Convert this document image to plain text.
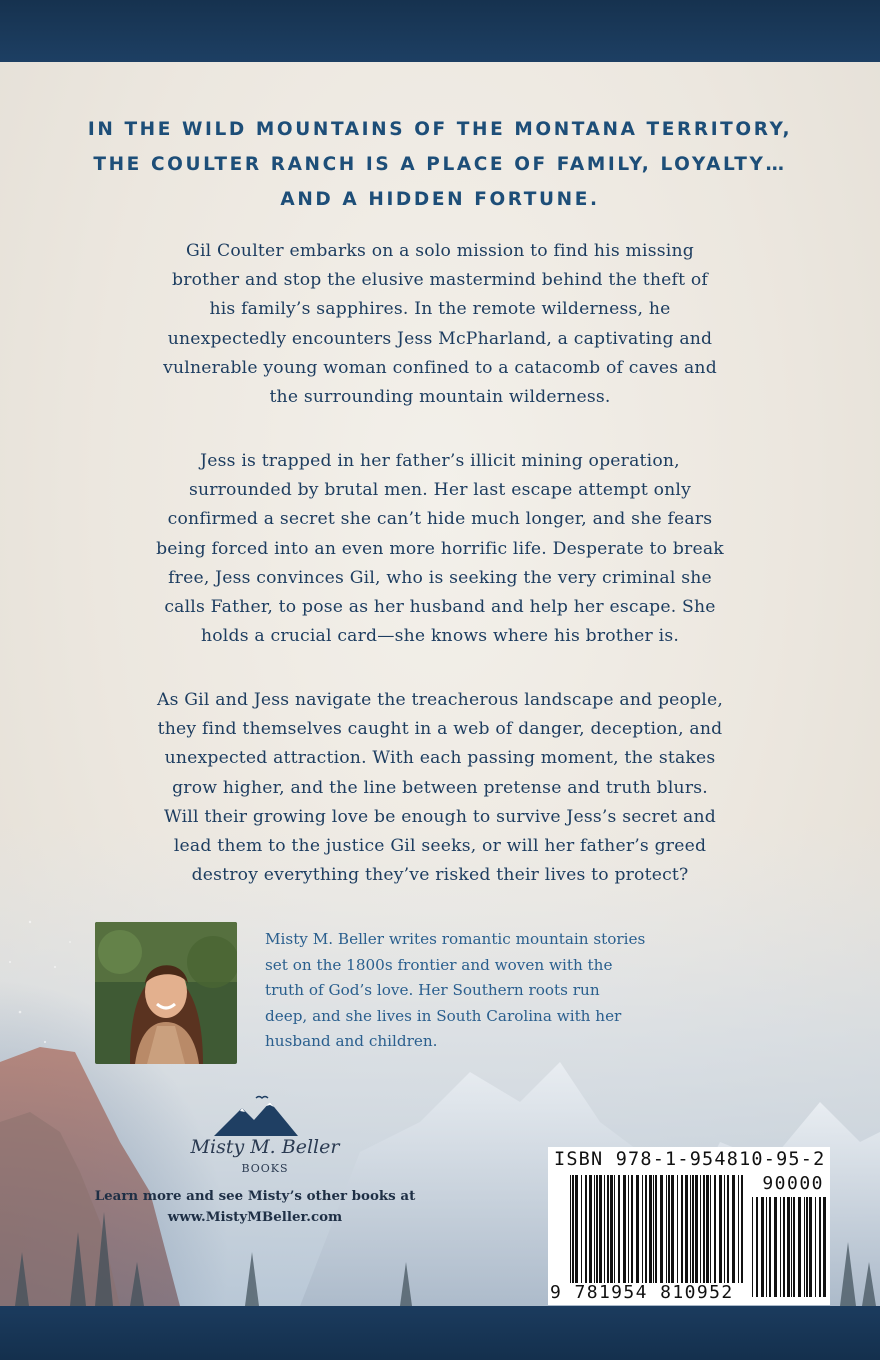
IN THE WILD MOUNTAINS OF THE MONTANA TERRITORY,
THE COULTER RANCH IS A PLACE OF FAMILY, LOYALTY…
AND A HIDDEN FORTUNE.
Gil Coulter embarks on a solo mission to find his missing
brother and stop the elusive mastermind behind the theft of
his family’s sapphires. In the remote wilderness, he
unexpectedly encounters Jess McPharland, a captivating and
vulnerable young woman confined to a catacomb of caves and
the surrounding mountain wilderness.
Jess is trapped in her father’s illicit mining operation,
surrounded by brutal men. Her last escape attempt only
confirmed a secret she can’t hide much longer, and she fears
being forced into an even more horrific life. Desperate to break
free, Jess convinces Gil, who is seeking the very criminal she
calls Father, to pose as her husband and help her escape. She
holds a crucial card—she knows where his brother is.
As Gil and Jess navigate the treacherous landscape and people,
they find themselves caught in a web of danger, deception, and
unexpected attraction. With each passing moment, the stakes
grow higher, and the line between pretense and truth blurs.
Will their growing love be enough to survive Jess’s secret and
lead them to the justice Gil seeks, or will her father’s greed
destroy everything they’ve risked their lives to protect?
Misty M. Beller writes romantic mountain stories
set on the 1800s frontier and woven with the
truth of God’s love. Her Southern roots run
deep, and she lives in South Carolina with her
husband and children.
Misty M. Beller
BOOKS
Learn more and see Misty’s other books at
www.MistyMBeller.com
ISBN 978-1-954810-95-2
90000
9 781954 810952
